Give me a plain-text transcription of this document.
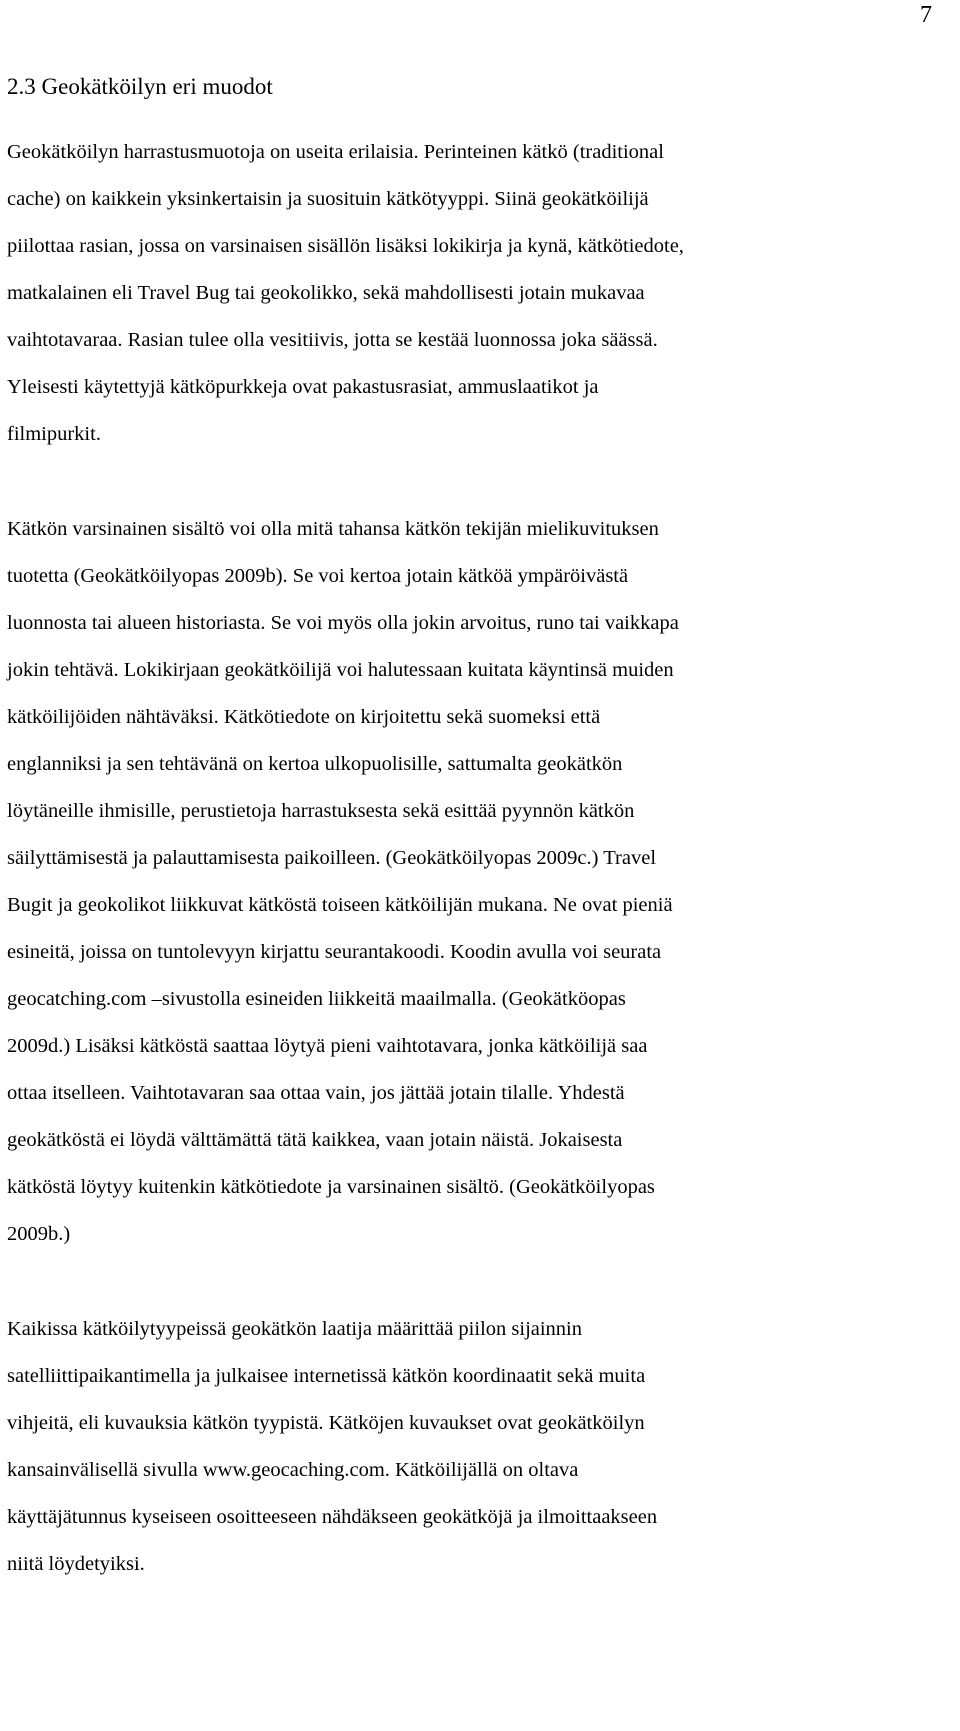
7
2.3 Geokätköilyn eri muodot

Geokätköilyn harrastusmuotoja on useita erilaisia. Perinteinen kätkö (traditional
cache) on kaikkein yksinkertaisin ja suosituin kätkötyyppi. Siinä geokätköilijä
piilottaa rasian, jossa on varsinaisen sisällön lisäksi lokikirja ja kynä, kätkötiedote,
matkalainen eli Travel Bug tai geokolikko, sekä mahdollisesti jotain mukavaa
vaihtotavaraa. Rasian tulee olla vesitiivis, jotta se kestää luonnossa joka säässä.
Yleisesti käytettyjä kätköpurkkeja ovat pakastusrasiat, ammuslaatikot ja
filmipurkit.

Kätkön varsinainen sisältö voi olla mitä tahansa kätkön tekijän mielikuvituksen
tuotetta (Geokätköilyopas 2009b). Se voi kertoa jotain kätköä ympäröivästä
luonnosta tai alueen historiasta. Se voi myös olla jokin arvoitus, runo tai vaikkapa
jokin tehtävä. Lokikirjaan geokätköilijä voi halutessaan kuitata käyntinsä muiden
kätköilijöiden nähtäväksi. Kätkötiedote on kirjoitettu sekä suomeksi että
englanniksi ja sen tehtävänä on kertoa ulkopuolisille, sattumalta geokätkön
löytäneille ihmisille, perustietoja harrastuksesta sekä esittää pyynnön kätkön
säilyttämisestä ja palauttamisesta paikoilleen. (Geokätköilyopas 2009c.) Travel
Bugit ja geokolikot liikkuvat kätköstä toiseen kätköilijän mukana. Ne ovat pieniä
esineitä, joissa on tuntolevyyn kirjattu seurantakoodi. Koodin avulla voi seurata
geocatching.com –sivustolla esineiden liikkeitä maailmalla. (Geokätköopas
2009d.) Lisäksi kätköstä saattaa löytyä pieni vaihtotavara, jonka kätköilijä saa
ottaa itselleen. Vaihtotavaran saa ottaa vain, jos jättää jotain tilalle. Yhdestä
geokätköstä ei löydä välttämättä tätä kaikkea, vaan jotain näistä. Jokaisesta
kätköstä löytyy kuitenkin kätkötiedote ja varsinainen sisältö. (Geokätköilyopas
2009b.)

Kaikissa kätköilytyypeissä geokätkön laatija määrittää piilon sijainnin
satelliittipaikantimella ja julkaisee internetissä kätkön koordinaatit sekä muita
vihjeitä, eli kuvauksia kätkön tyypistä. Kätköjen kuvaukset ovat geokätköilyn
kansainvälisellä sivulla www.geocaching.com. Kätköilijällä on oltava
käyttäjätunnus kyseiseen osoitteeseen nähdäkseen geokätköjä ja ilmoittaakseen
niitä löydetyiksi.
